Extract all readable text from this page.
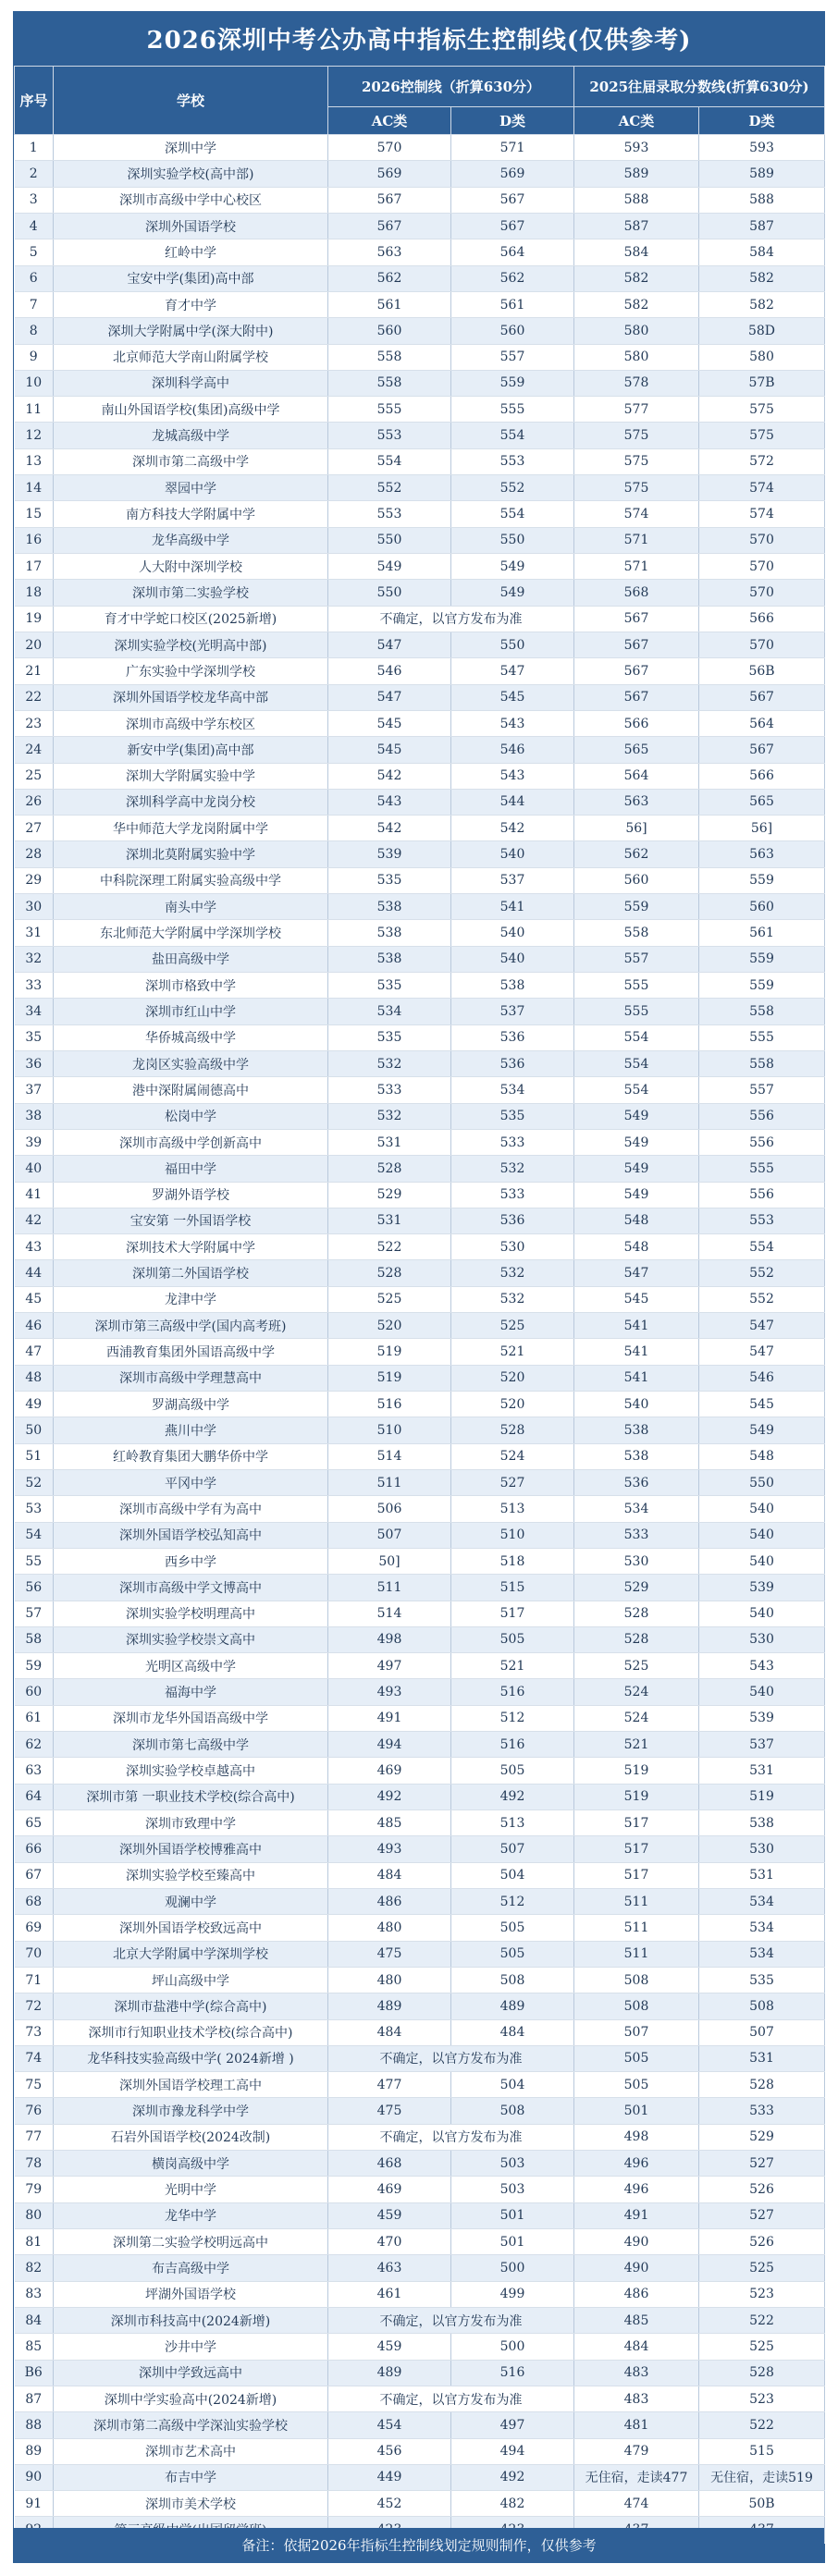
2026深圳中考公办高中指标生控制线(仅供参考)
序号	学校	2026控制线（折算630分）		2025往届录取分数线(折算630分)	
		AC类	D类	AC类	D类
1	深圳中学	570	571	593	593
2	深圳实验学校(高中部)	569	569	589	589
3	深圳市高级中学中心校区	567	567	588	588
4	深圳外国语学校	567	567	587	587
5	红岭中学	563	564	584	584
6	宝安中学(集团)高中部	562	562	582	582
7	育才中学	561	561	582	582
8	深圳大学附属中学(深大附中)	560	560	580	58D
9	北京师范大学南山附属学校	558	557	580	580
10	深圳科学高中	558	559	578	57B
11	南山外国语学校(集团)高级中学	555	555	577	575
12	龙城高级中学	553	554	575	575
13	深圳市第二高级中学	554	553	575	572
14	翠园中学	552	552	575	574
15	南方科技大学附属中学	553	554	574	574
16	龙华高级中学	550	550	571	570
17	人大附中深圳学校	549	549	571	570
18	深圳市第二实验学校	550	549	568	570
19	育才中学蛇口校区(2025新增)	不确定，以官方发布为准		567	566
20	深圳实验学校(光明高中部)	547	550	567	570
21	广东实验中学深圳学校	546	547	567	56B
22	深圳外国语学校龙华高中部	547	545	567	567
23	深圳市高级中学东校区	545	543	566	564
24	新安中学(集团)高中部	545	546	565	567
25	深圳大学附属实验中学	542	543	564	566
26	深圳科学高中龙岗分校	543	544	563	565
27	华中师范大学龙岗附属中学	542	542	56]	56]
28	深圳北莫附属实验中学	539	540	562	563
29	中科院深理工附属实验高级中学	535	537	560	559
30	南头中学	538	541	559	560
31	东北师范大学附属中学深圳学校	538	540	558	561
32	盐田高级中学	538	540	557	559
33	深圳市格致中学	535	538	555	559
34	深圳市红山中学	534	537	555	558
35	华侨城高级中学	535	536	554	555
36	龙岗区实验高级中学	532	536	554	558
37	港中深附属闹德高中	533	534	554	557
38	松岗中学	532	535	549	556
39	深圳市高级中学创新高中	531	533	549	556
40	福田中学	528	532	549	555
41	罗湖外语学校	529	533	549	556
42	宝安第 一外国语学校	531	536	548	553
43	深圳技术大学附属中学	522	530	548	554
44	深圳第二外国语学校	528	532	547	552
45	龙津中学	525	532	545	552
46	深圳市第三高级中学(国内高考班)	520	525	541	547
47	西浦教育集团外国语高级中学	519	521	541	547
48	深圳市高级中学理慧高中	519	520	541	546
49	罗湖高级中学	516	520	540	545
50	燕川中学	510	528	538	549
51	红岭教育集团大鹏华侨中学	514	524	538	548
52	平冈中学	511	527	536	550
53	深圳市高级中学有为高中	506	513	534	540
54	深圳外国语学校弘知高中	507	510	533	540
55	西乡中学	50]	518	530	540
56	深圳市高级中学文博高中	511	515	529	539
57	深圳实验学校明理高中	514	517	528	540
58	深圳实验学校崇文高中	498	505	528	530
59	光明区高级中学	497	521	525	543
60	福海中学	493	516	524	540
61	深圳市龙华外国语高级中学	491	512	524	539
62	深圳市第七高级中学	494	516	521	537
63	深圳实验学校卓越高中	469	505	519	531
64	深圳市第 一职业技术学校(综合高中)	492	492	519	519
65	深圳市致理中学	485	513	517	538
66	深圳外国语学校博雅高中	493	507	517	530
67	深圳实验学校至臻高中	484	504	517	531
68	观澜中学	486	512	511	534
69	深圳外国语学校致远高中	480	505	511	534
70	北京大学附属中学深圳学校	475	505	511	534
71	坪山高级中学	480	508	508	535
72	深圳市盐港中学(综合高中)	489	489	508	508
73	深圳市行知职业技术学校(综合高中)	484	484	507	507
74	龙华科技实验高级中学( 2024新增 )	不确定，以官方发布为准		505	531
75	深圳外国语学校理工高中	477	504	505	528
76	深圳市豫龙科学中学	475	508	501	533
77	石岩外国语学校(2024改制)	不确定，以官方发布为准		498	529
78	横岗高级中学	468	503	496	527
79	光明中学	469	503	496	526
80	龙华中学	459	501	491	527
81	深圳第二实验学校明远高中	470	501	490	526
82	布吉高级中学	463	500	490	525
83	坪湖外国语学校	461	499	486	523
84	深圳市科技高中(2024新增)	不确定，以官方发布为准		485	522
85	沙井中学	459	500	484	525
B6	深圳中学致远高中	489	516	483	528
87	深圳中学实验高中(2024新增)	不确定，以官方发布为准		483	523
88	深圳市第二高级中学深汕实验学校	454	497	481	522
89	深圳市艺术高中	456	494	479	515
90	布吉中学	449	492	无住宿，走读477	无住宿，走读519
91	深圳市美术学校	452	482	474	50B

备注：依据2026年指标生控制线划定规则制作，仅供参考
